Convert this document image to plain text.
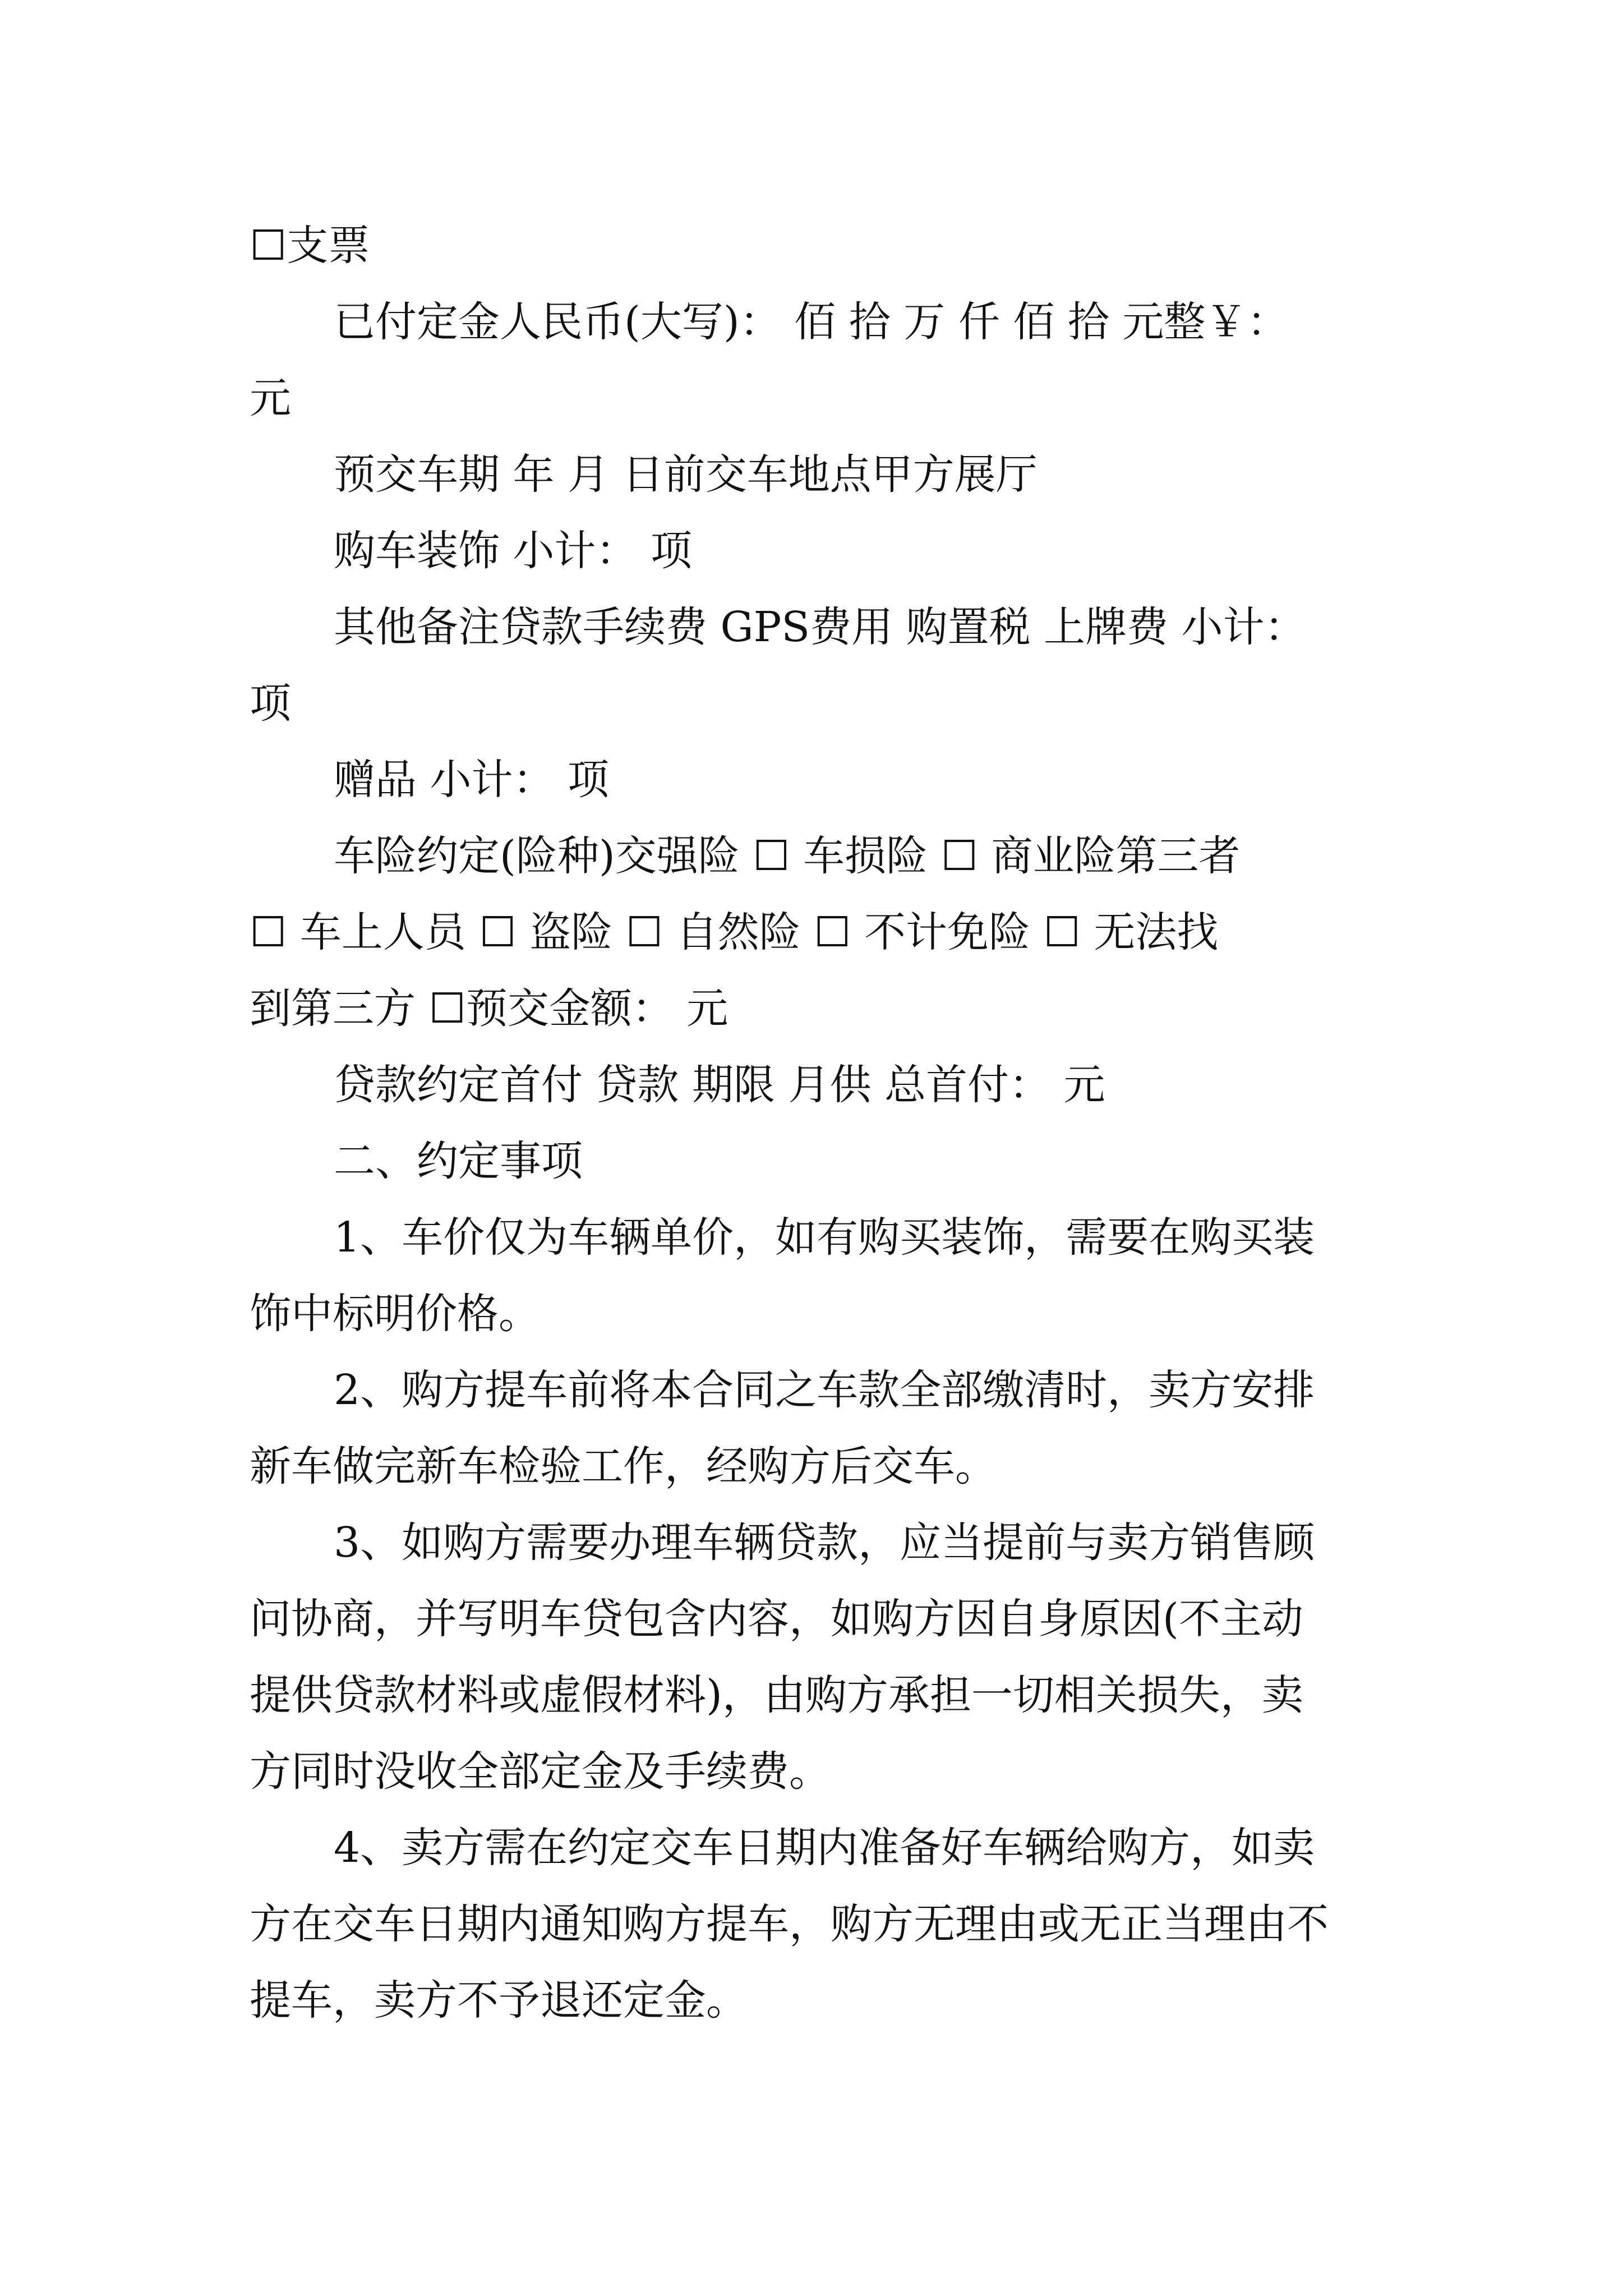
☐支票
已付定金人民币(大写)： 佰 拾 万 仟 佰 拾 元整￥：
元
预交车期 年 月 日前交车地点甲方展厅
购车装饰 小计： 项
其他备注贷款手续费 GPS费用 购置税 上牌费 小计：
项
赠品 小计： 项
车险约定(险种)交强险 ☐ 车损险 ☐ 商业险第三者
☐ 车上人员 ☐ 盗险 ☐ 自然险 ☐ 不计免险 ☐ 无法找
到第三方 ☐预交金额： 元
贷款约定首付 贷款 期限 月供 总首付： 元
二、约定事项
1、车价仅为车辆单价，如有购买装饰，需要在购买装
饰中标明价格。
2、购方提车前将本合同之车款全部缴清时，卖方安排
新车做完新车检验工作，经购方后交车。
3、如购方需要办理车辆贷款，应当提前与卖方销售顾
问协商，并写明车贷包含内容，如购方因自身原因(不主动
提供贷款材料或虚假材料)，由购方承担一切相关损失，卖
方同时没收全部定金及手续费。
4、卖方需在约定交车日期内准备好车辆给购方，如卖
方在交车日期内通知购方提车，购方无理由或无正当理由不
提车，卖方不予退还定金。
